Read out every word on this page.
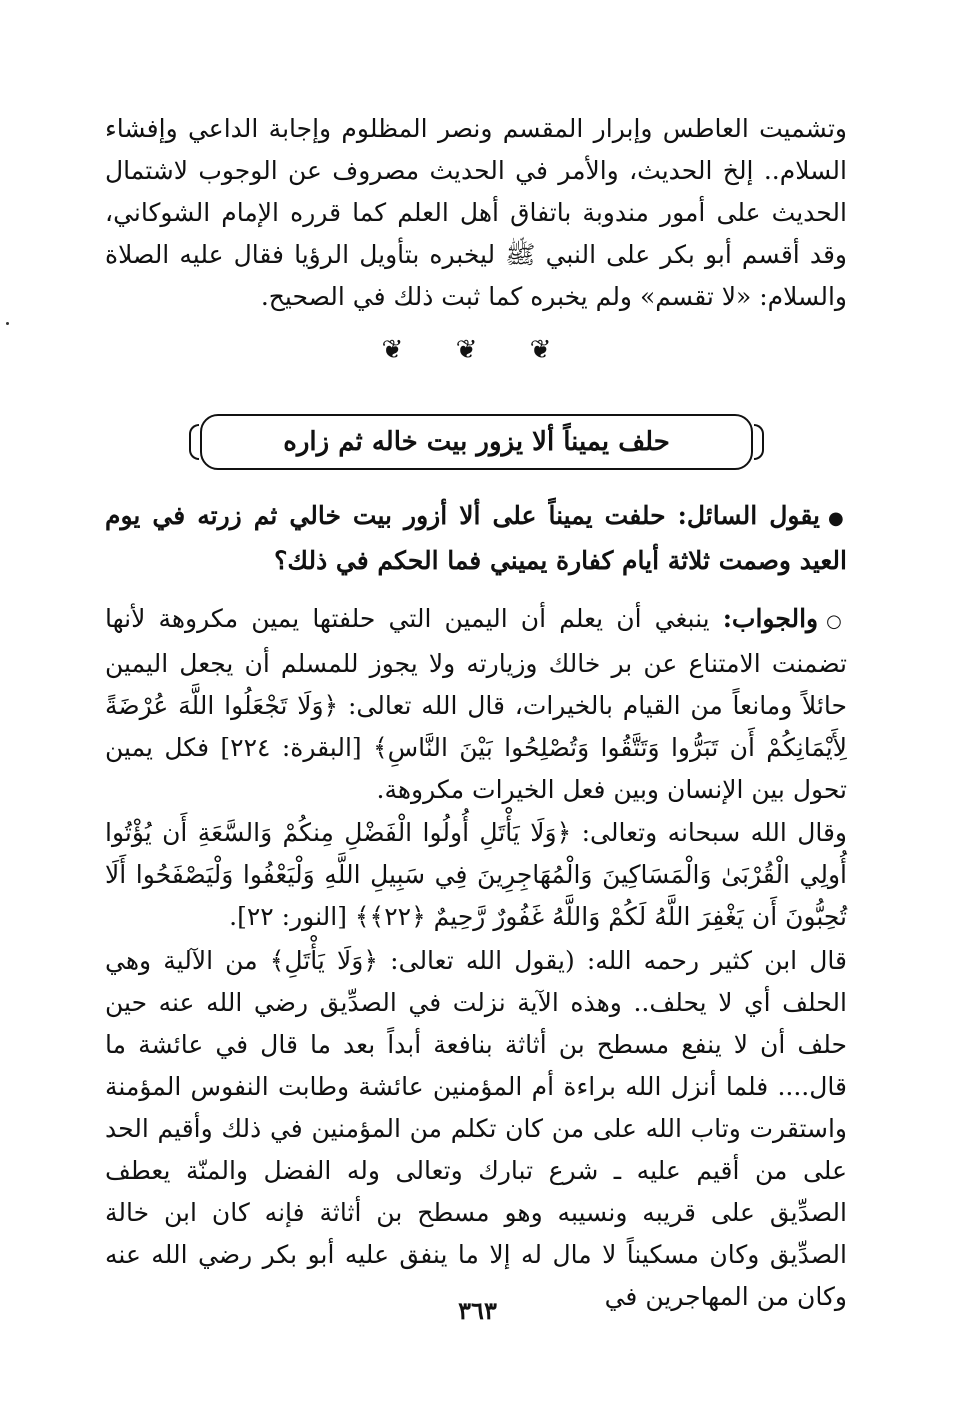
وتشميت العاطس وإبرار المقسم ونصر المظلوم وإجابة الداعي وإفشاء السلام.. إلخ الحديث، والأمر في الحديث مصروف عن الوجوب لاشتمال الحديث على أمور مندوبة باتفاق أهل العلم كما قرره الإمام الشوكاني، وقد أقسم أبو بكر على النبي ﷺ ليخبره بتأويل الرؤيا فقال عليه الصلاة والسلام: «لا تقسم» ولم يخبره كما ثبت ذلك في الصحيح.

❦ ❦ ❦
حلف يميناً ألا يزور بيت خاله ثم زاره
●يقول السائل: حلفت يميناً على ألا أزور بيت خالي ثم زرته في يوم العيد وصمت ثلاثة أيام كفارة يميني فما الحكم في ذلك؟

○والجواب: ينبغي أن يعلم أن اليمين التي حلفتها يمين مكروهة لأنها تضمنت الامتناع عن بر خالك وزيارته ولا يجوز للمسلم أن يجعل اليمين حائلاً ومانعاً من القيام بالخيرات، قال الله تعالى: ﴿وَلَا تَجْعَلُوا اللَّهَ عُرْضَةً لِأَيْمَانِكُمْ أَن تَبَرُّوا وَتَتَّقُوا وَتُصْلِحُوا بَيْنَ النَّاسِ﴾ [البقرة: ٢٢٤] فكل يمين تحول بين الإنسان وبين فعل الخيرات مكروهة.

وقال الله سبحانه وتعالى: ﴿وَلَا يَأْتَلِ أُولُوا الْفَضْلِ مِنكُمْ وَالسَّعَةِ أَن يُؤْتُوا أُولِي الْقُرْبَىٰ وَالْمَسَاكِينَ وَالْمُهَاجِرِينَ فِي سَبِيلِ اللَّهِ وَلْيَعْفُوا وَلْيَصْفَحُوا أَلَا تُحِبُّونَ أَن يَغْفِرَ اللَّهُ لَكُمْ وَاللَّهُ غَفُورٌ رَّحِيمٌ ﴿٢٢﴾﴾ [النور: ٢٢].

قال ابن كثير رحمه الله: (يقول الله تعالى: ﴿وَلَا يَأْتَلِ﴾ من الآلية وهي الحلف أي لا يحلف.. وهذه الآية نزلت في الصدِّيق رضي الله عنه حين حلف أن لا ينفع مسطح بن أثاثة بنافعة أبداً بعد ما قال في عائشة ما قال.... فلما أنزل الله براءة أم المؤمنين عائشة وطابت النفوس المؤمنة واستقرت وتاب الله على من كان تكلم من المؤمنين في ذلك وأقيم الحد على من أقيم عليه ـ شرع تبارك وتعالى وله الفضل والمنّة يعطف الصدِّيق على قريبه ونسيبه وهو مسطح بن أثاثة فإنه كان ابن خالة الصدِّيق وكان مسكيناً لا مال له إلا ما ينفق عليه أبو بكر رضي الله عنه وكان من المهاجرين في

٣٦٣
